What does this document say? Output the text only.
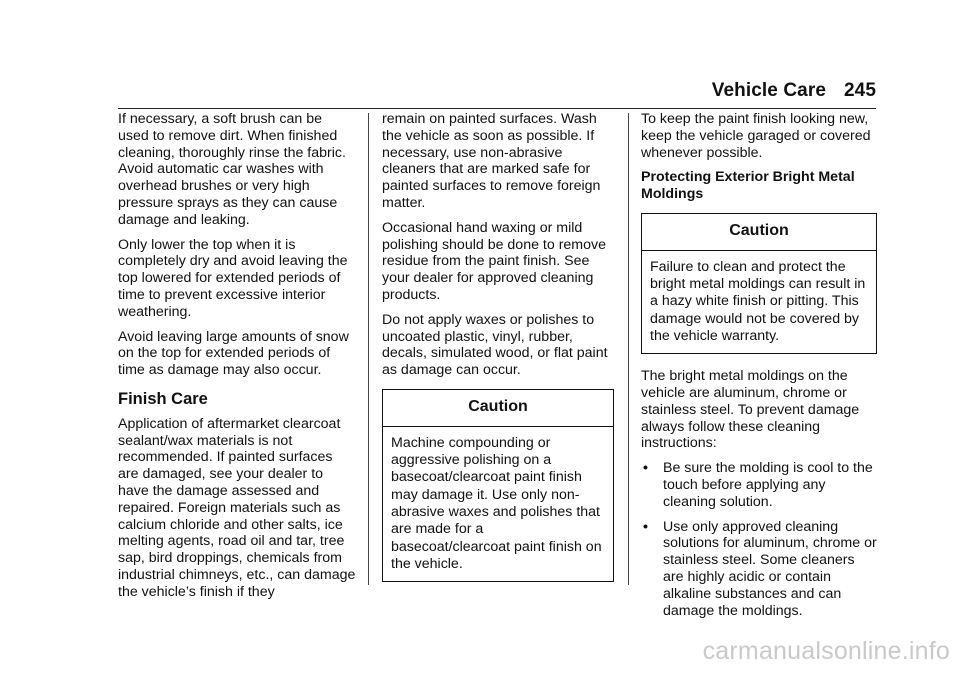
Vehicle Care 245

If necessary, a soft brush can be used to remove dirt. When finished cleaning, thoroughly rinse the fabric. Avoid automatic car washes with overhead brushes or very high pressure sprays as they can cause damage and leaking.

Only lower the top when it is completely dry and avoid leaving the top lowered for extended periods of time to prevent excessive interior weathering.

Avoid leaving large amounts of snow on the top for extended periods of time as damage may also occur.

Finish Care

Application of aftermarket clearcoat sealant/wax materials is not recommended. If painted surfaces are damaged, see your dealer to have the damage assessed and repaired. Foreign materials such as calcium chloride and other salts, ice melting agents, road oil and tar, tree sap, bird droppings, chemicals from industrial chimneys, etc., can damage the vehicle’s finish if they

remain on painted surfaces. Wash the vehicle as soon as possible. If necessary, use non-abrasive cleaners that are marked safe for painted surfaces to remove foreign matter.

Occasional hand waxing or mild polishing should be done to remove residue from the paint finish. See your dealer for approved cleaning products.

Do not apply waxes or polishes to uncoated plastic, vinyl, rubber, decals, simulated wood, or flat paint as damage can occur.

Caution
Machine compounding or aggressive polishing on a basecoat/clearcoat paint finish may damage it. Use only non-abrasive waxes and polishes that are made for a basecoat/clearcoat paint finish on the vehicle.

To keep the paint finish looking new, keep the vehicle garaged or covered whenever possible.

Protecting Exterior Bright Metal Moldings

Caution
Failure to clean and protect the bright metal moldings can result in a hazy white finish or pitting. This damage would not be covered by the vehicle warranty.

The bright metal moldings on the vehicle are aluminum, chrome or stainless steel. To prevent damage always follow these cleaning instructions:

• Be sure the molding is cool to the touch before applying any cleaning solution.
• Use only approved cleaning solutions for aluminum, chrome or stainless steel. Some cleaners are highly acidic or contain alkaline substances and can damage the moldings.
carmanualsonline.info
